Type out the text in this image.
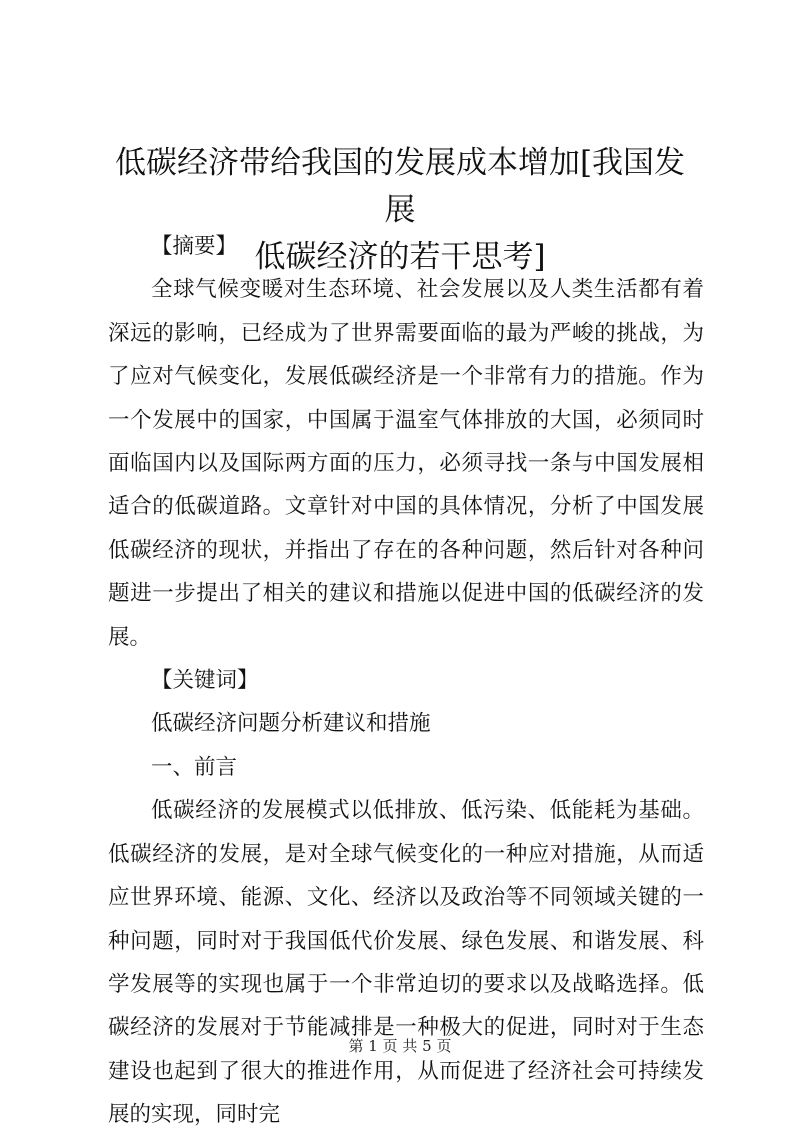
低碳经济带给我国的发展成本增加[我国发展
低碳经济的若干思考]

【摘要】

全球气候变暖对生态环境、社会发展以及人类生活都有着深远的影响，已经成为了世界需要面临的最为严峻的挑战，为了应对气候变化，发展低碳经济是一个非常有力的措施。作为一个发展中的国家，中国属于温室气体排放的大国，必须同时面临国内以及国际两方面的压力，必须寻找一条与中国发展相适合的低碳道路。文章针对中国的具体情况，分析了中国发展低碳经济的现状，并指出了存在的各种问题，然后针对各种问题进一步提出了相关的建议和措施以促进中国的低碳经济的发展。

【关键词】

低碳经济问题分析建议和措施

一、前言

低碳经济的发展模式以低排放、低污染、低能耗为基础。低碳经济的发展，是对全球气候变化的一种应对措施，从而适应世界环境、能源、文化、经济以及政治等不同领域关键的一种问题，同时对于我国低代价发展、绿色发展、和谐发展、科学发展等的实现也属于一个非常迫切的要求以及战略选择。低碳经济的发展对于节能减排是一种极大的促进，同时对于生态建设也起到了很大的推进作用，从而促进了经济社会可持续发展的实现，同时完

第 1 页 共 5 页
